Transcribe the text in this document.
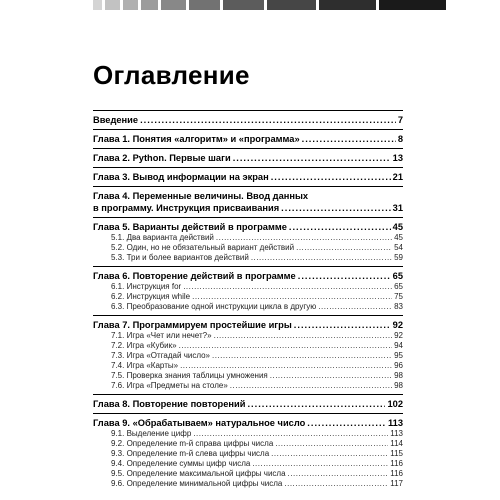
Оглавление
Введение .....	7
Глава 1. Понятия «алгоритм» и «программа» .....	8
Глава 2. Python. Первые шаги .....	13
Глава 3. Вывод информации на экран .....	21
Глава 4. Переменные величины. Ввод данных
в программу. Инструкция присваивания .....	31
Глава 5. Варианты действий в программе .....	45
5.1. Два варианта действий .....	45
5.2. Один, но не обязательный вариант действий .....	54
5.3. Три и более вариантов действий .....	59
Глава 6. Повторение действий в программе .....	65
6.1. Инструкция for .....	65
6.2. Инструкция while .....	75
6.3. Преобразование одной инструкции цикла в другую .....	83
Глава 7. Программируем простейшие игры .....	92
7.1. Игра «Чет или нечет?» .....	92
7.2. Игра «Кубик» .....	94
7.3. Игра «Отгадай число» .....	95
7.4. Игра «Карты» .....	96
7.5. Проверка знания таблицы умножения .....	98
7.6. Игра «Предметы на столе» .....	98
Глава 8. Повторение повторений .....	102
Глава 9. «Обрабатываем» натуральное число .....	113
9.1. Выделение цифр .....	113
9.2. Определение m-й справа цифры числа .....	114
9.3. Определение m-й слева цифры числа .....	115
9.4. Определение суммы цифр числа .....	116
9.5. Определение максимальной цифры числа .....	116
9.6. Определение минимальной цифры числа .....	117
